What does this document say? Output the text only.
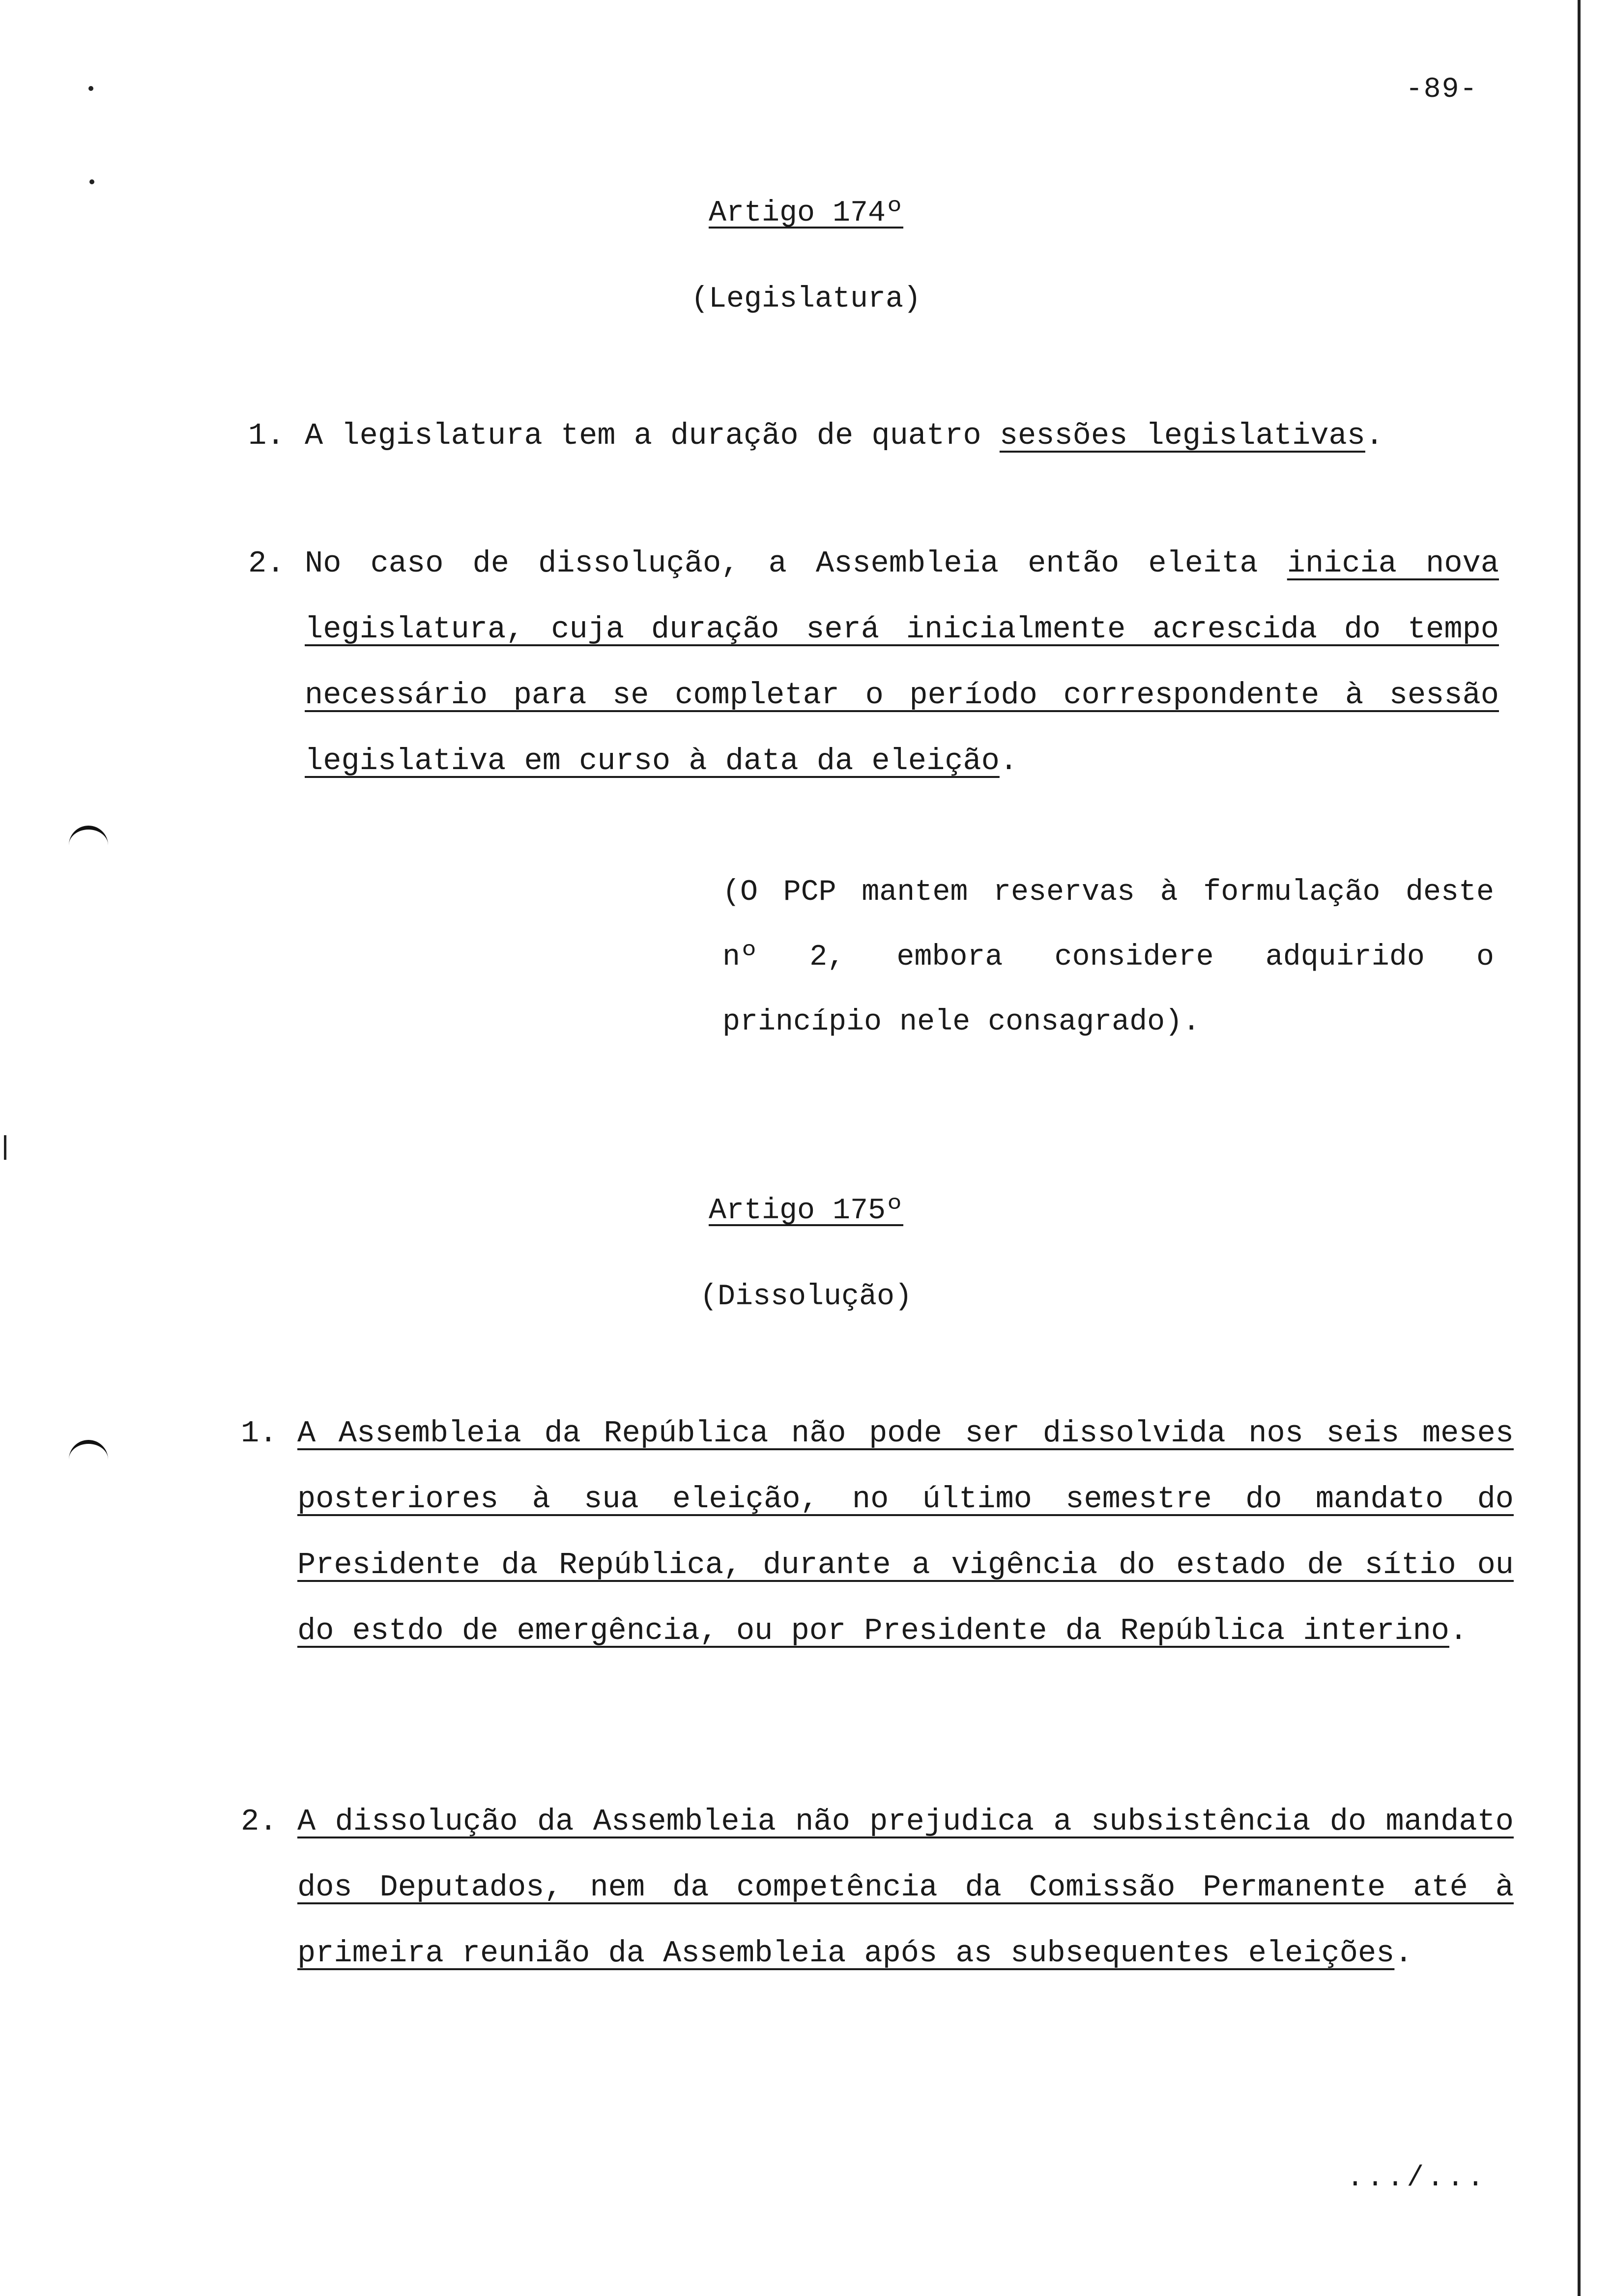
-89-
Artigo 174º
(Legislatura)
1. A legislatura tem a duração de quatro sessões legislativas.
2. No caso de dissolução, a Assembleia então eleita inicia nova legislatura, cuja duração será inicialmente acrescida do tempo necessário para se completar o período correspondente à sessão legislativa em curso à data da eleição.
(O PCP mantem reservas à formulação deste nº 2, embora considere adquirido o princípio nele consagrado).
Artigo 175º
(Dissolução)
1. A Assembleia da República não pode ser dissolvida nos seis meses posteriores à sua eleição, no último semestre do mandato do Presidente da República, durante a vigência do estado de sítio ou do estdo de emergência, ou por Presidente da República interino.
2. A dissolução da Assembleia não prejudica a subsistência do mandato dos Deputados, nem da competência da Comissão Permanente até à primeira reunião da Assembleia após as subsequentes eleições.
.../...
